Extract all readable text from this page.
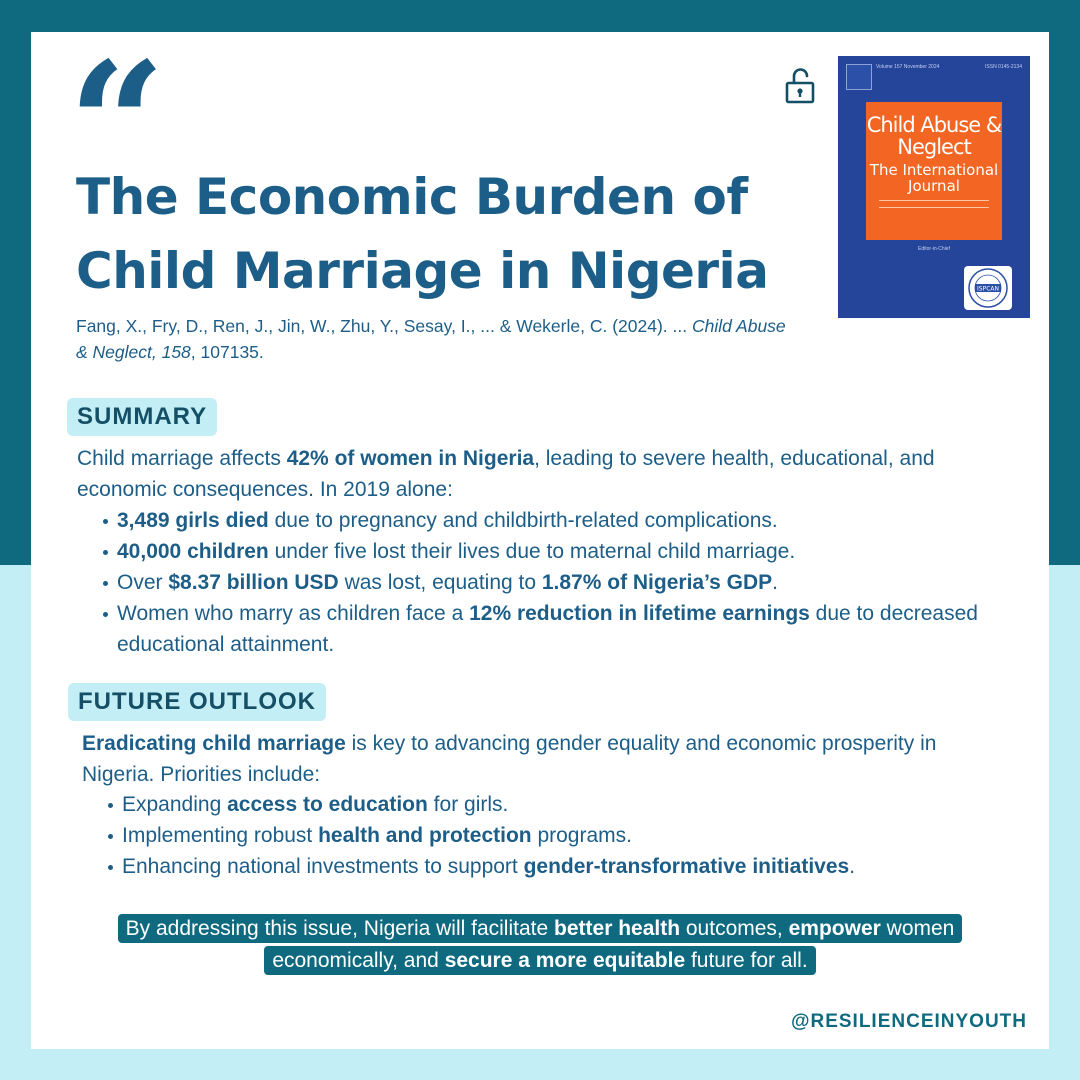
“
The Economic Burden of Child Marriage in Nigeria
Fang, X., Fry, D., Ren, J., Jin, W., Zhu, Y., Sesay, I., ... & Wekerle, C. (2024). ... Child Abuse & Neglect, 158, 107135.
Volume 157 November 2024	ISSN 0145-2134
Child Abuse & Neglect
The International Journal
Editor-in-Chief
ISPCAN
SUMMARY

Child marriage affects 42% of women in Nigeria, leading to severe health, educational, and economic consequences. In 2019 alone:

3,489 girls died due to pregnancy and childbirth-related complications.
40,000 children under five lost their lives due to maternal child marriage.
Over $8.37 billion USD was lost, equating to 1.87% of Nigeria’s GDP.
Women who marry as children face a 12% reduction in lifetime earnings due to decreased educational attainment.
FUTURE OUTLOOK

Eradicating child marriage is key to advancing gender equality and economic prosperity in Nigeria. Priorities include:

Expanding access to education for girls.
Implementing robust health and protection programs.
Enhancing national investments to support gender-transformative initiatives.
By addressing this issue, Nigeria will facilitate better health outcomes, empower women economically, and secure a more equitable future for all.
@RESILIENCEINYOUTH
